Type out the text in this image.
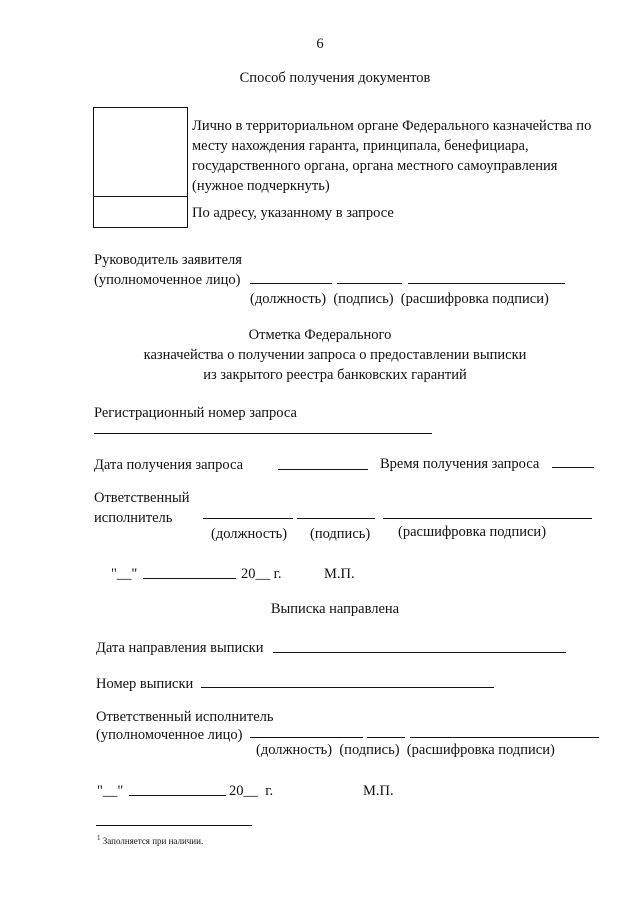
6
Способ получения документов
Лично в территориальном органе Федерального казначейства по
месту нахождения гаранта, принципала, бенефициара,
государственного органа, органа местного самоуправления
(нужное подчеркнуть)
По адресу, указанному в запросе
Руководитель заявителя
(уполномоченное лицо)
(должность)  (подпись)  (расшифровка подписи)
Отметка Федерального
казначейства о получении запроса о предоставлении выписки
из закрытого реестра банковских гарантий
Регистрационный номер запроса
Дата получения запроса	Время получения запроса
Ответственный
исполнитель
(должность) (подпись) (расшифровка подписи)
"__"	20__ г.	М.П.
Выписка направлена
Дата направления выписки
Номер выписки
Ответственный исполнитель
(уполномоченное лицо)
(должность)  (подпись)  (расшифровка подписи)
"__"	20__  г.	М.П.
$^1$ Заполняется при наличии.
